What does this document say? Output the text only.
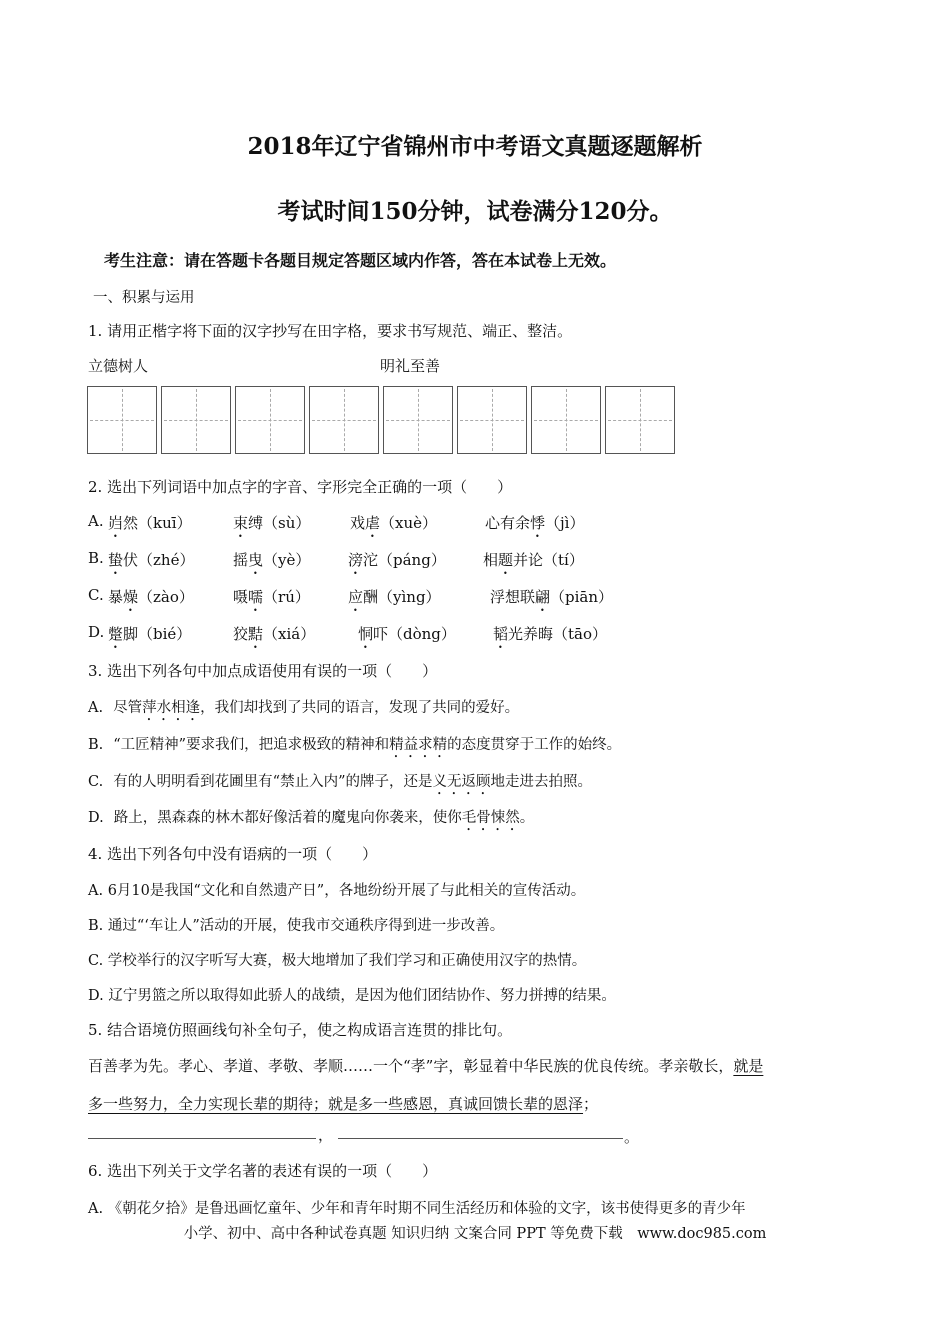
2018年辽宁省锦州市中考语文真题逐题解析
考试时间150分钟，试卷满分120分。
考生注意：请在答题卡各题目规定答题区域内作答，答在本试卷上无效。
一、积累与运用
1. 请用正楷字将下面的汉字抄写在田字格，要求书写规范、端正、整洁。
立德树人	明礼至善
2. 选出下列词语中加点字的字音、字形完全正确的一项（　　）
A. 岿然（kuī）	束缚（sù）	戏虐（xuè）	心有余悸（jì）
B. 蛰伏（zhé）	摇曳（yè）	滂沱（páng） 相题并论（tí）
C. 暴燥（zào）	嗫嚅（rú）	应酬（yìng）	浮想联翩（piān）
D. 蹩脚（bié）	狡黠（xiá）	恫吓（dòng） 韬光养晦（tāo）
3. 选出下列各句中加点成语使用有误的一项（　　）
A. 尽管萍水相逢，我们却找到了共同的语言，发现了共同的爱好。
B. “工匠精神”要求我们，把追求极致的精神和精益求精的态度贯穿于工作的始终。
C. 有的人明明看到花圃里有“禁止入内”的牌子，还是义无返顾地走进去拍照。
D. 路上，黑森森的林木都好像活着的魔鬼向你袭来，使你毛骨悚然。
4. 选出下列各句中没有语病的一项（　　）
A. 6月10是我国“文化和自然遗产日”，各地纷纷开展了与此相关的宣传活动。
B. 通过“‘车让人”活动的开展，使我市交通秩序得到进一步改善。
C. 学校举行的汉字听写大赛，极大地增加了我们学习和正确使用汉字的热情。
D. 辽宁男篮之所以取得如此骄人的战绩，是因为他们团结协作、努力拼搏的结果。
5. 结合语境仿照画线句补全句子，使之构成语言连贯的排比句。
百善孝为先。孝心、孝道、孝敬、孝顺……一个“孝”字，彰显着中华民族的优良传统。孝亲敬长，就是
多一些努力，全力实现长辈的期待；就是多一些感恩，真诚回馈长辈的恩泽；
，	。
6. 选出下列关于文学名著的表述有误的一项（　　）
A. 《朝花夕拾》是鲁迅画忆童年、少年和青年时期不同生活经历和体验的文字，该书使得更多的青少年
小学、初中、高中各种试卷真题 知识归纳 文案合同 PPT 等免费下载　www.doc985.com
